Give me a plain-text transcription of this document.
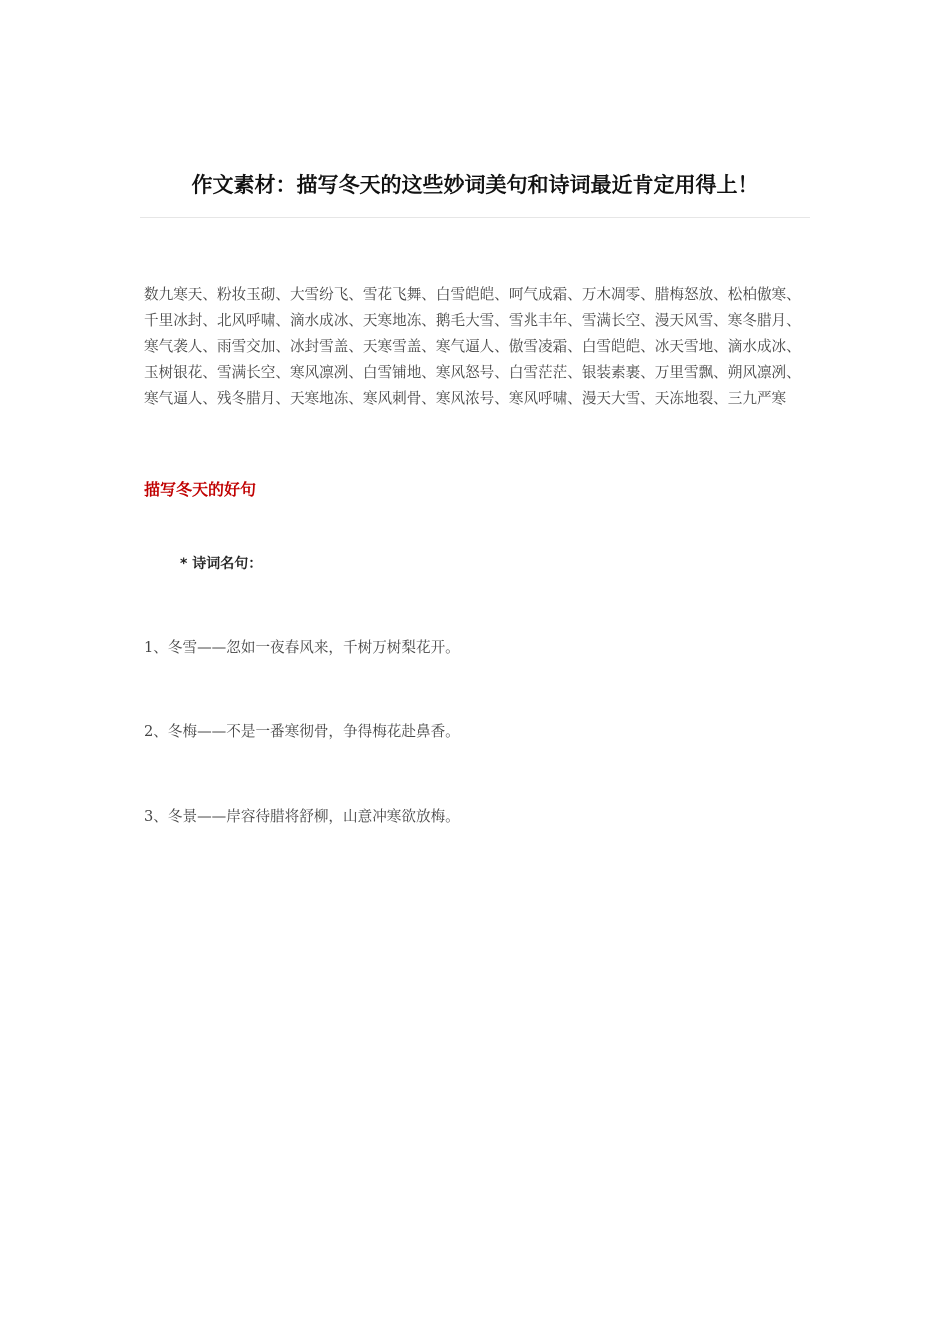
作文素材：描写冬天的这些妙词美句和诗词最近肯定用得上！

数九寒天、粉妆玉砌、大雪纷飞、雪花飞舞、白雪皑皑、呵气成霜、万木凋零、腊梅怒放、松柏傲寒、千里冰封、北风呼啸、滴水成冰、天寒地冻、鹅毛大雪、雪兆丰年、雪满长空、漫天风雪、寒冬腊月、寒气袭人、雨雪交加、冰封雪盖、天寒雪盖、寒气逼人、傲雪凌霜、白雪皑皑、冰天雪地、滴水成冰、玉树银花、雪满长空、寒风凛冽、白雪铺地、寒风怒号、白雪茫茫、银装素裹、万里雪飘、朔风凛冽、寒气逼人、残冬腊月、天寒地冻、寒风刺骨、寒风浓号、寒风呼啸、漫天大雪、天冻地裂、三九严寒

描写冬天的好句

* 诗词名句：

1、冬雪——忽如一夜春风来，千树万树梨花开。

2、冬梅——不是一番寒彻骨，争得梅花赴鼻香。

3、冬景——岸容待腊将舒柳，山意冲寒欲放梅。
